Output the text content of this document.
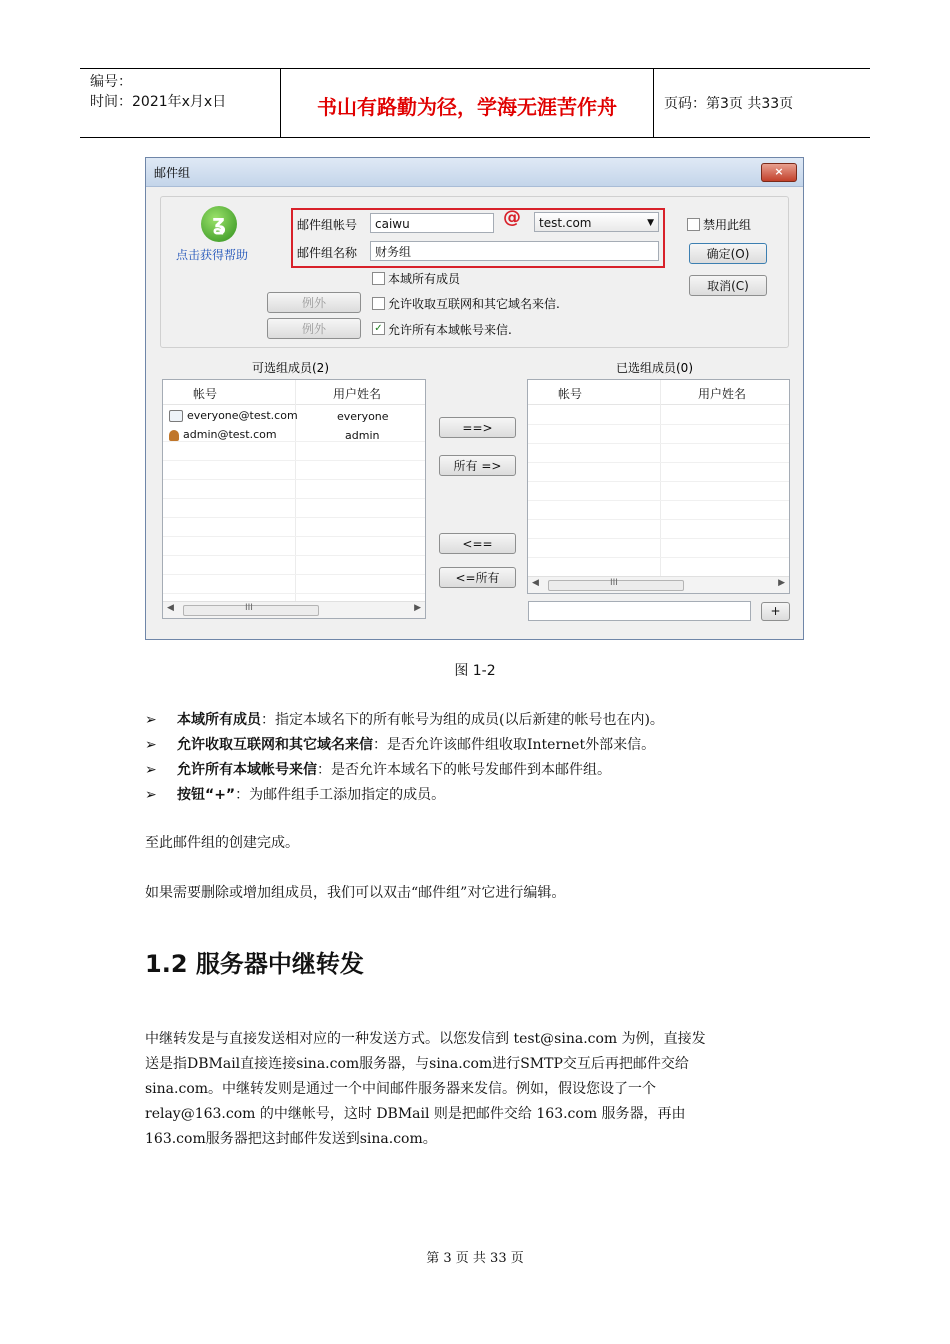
编号：
时间：2021年x月x日	书山有路勤为径，学海无涯苦作舟	页码：第3页 共33页
邮件组	×
ʓ
点击获得帮助
邮件组帐号	caiwu	@	test.com	▼
邮件组名称	财务组
禁用此组
确定(O)
取消(C)
本域所有成员
例外	允许收取互联网和其它域名来信.
例外	✓ 允许所有本域帐号来信.
可选组成员(2)	已选组成员(0)
帐号	用户姓名
everyone@test.com	everyone
admin@test.com	admin
◀	III	▶
==>
所有 =>
<==
<=所有
帐号	用户姓名
◀	III	▶
+
图 1-2
➢ 本域所有成员：指定本域名下的所有帐号为组的成员(以后新建的帐号也在内)。
➢ 允许收取互联网和其它域名来信：是否允许该邮件组收取Internet外部来信。
➢ 允许所有本域帐号来信：是否允许本域名下的帐号发邮件到本邮件组。
➢ 按钮“+”：为邮件组手工添加指定的成员。
至此邮件组的创建完成。
如果需要删除或增加组成员，我们可以双击“邮件组”对它进行编辑。
1.2 服务器中继转发
中继转发是与直接发送相对应的一种发送方式。以您发信到 test@sina.com 为例，直接发
送是指DBMail直接连接sina.com服务器，与sina.com进行SMTP交互后再把邮件交给
sina.com。中继转发则是通过一个中间邮件服务器来发信。例如，假设您设了一个
relay@163.com 的中继帐号，这时 DBMail 则是把邮件交给 163.com 服务器，再由
163.com服务器把这封邮件发送到sina.com。
第 3 页 共 33 页
